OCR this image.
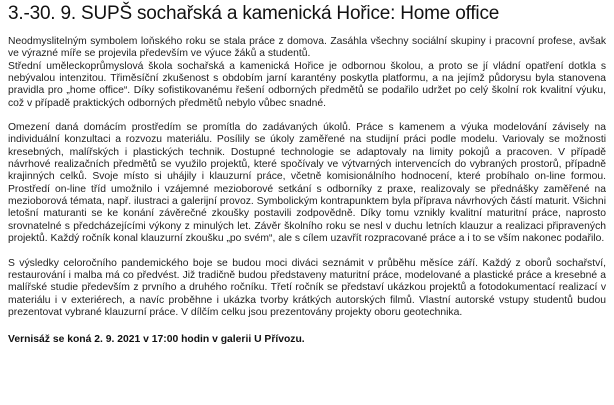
3.-30. 9. SUPŠ sochařská a kamenická Hořice: Home office

Neodmyslitelným symbolem loňského roku se stala práce z domova. Zasáhla všechny sociální skupiny i pracovní profese, avšak ve výrazné míře se projevila především ve výuce žáků a studentů.

Střední uměleckoprůmyslová škola sochařská a kamenická Hořice je odbornou školou, a proto se jí vládní opatření dotkla s nebývalou intenzitou. Třiměsíční zkušenost s obdobím jarní karantény poskytla platformu, a na jejímž půdorysu byla stanovena pravidla pro „home office“. Díky sofistikovanému řešení odborných předmětů se podařilo udržet po celý školní rok kvalitní výuku, což v případě praktických odborných předmětů nebylo vůbec snadné.

Omezení daná domácím prostředím se promítla do zadávaných úkolů. Práce s kamenem a výuka modelování závisely na individuální konzultaci a rozvozu materiálu. Posílily se úkoly zaměřené na studijní práci podle modelu. Variovaly se možnosti kresebných, malířských i plastických technik. Dostupné technologie se adaptovaly na limity pokojů a pracoven. V případě návrhové realizačních předmětů se využilo projektů, které spočívaly ve výtvarných intervencích do vybraných prostorů, případně krajinných celků. Svoje místo si uhájily i klauzurní práce, včetně komisionálního hodnocení, které probíhalo on-line formou. Prostředí on-line tříd umožnilo i vzájemné mezioborové setkání s odborníky z praxe, realizovaly se přednášky zaměřené na mezioborová témata, např. ilustraci a galerijní provoz. Symbolickým kontrapunktem byla příprava návrhových částí maturit. Všichni letošní maturanti se ke konání závěrečné zkoušky postavili zodpovědně. Díky tomu vznikly kvalitní maturitní práce, naprosto srovnatelné s předcházejícími výkony z minulých let. Závěr školního roku se nesl v duchu letních klauzur a realizaci připravených projektů. Každý ročník konal klauzurní zkoušku „po svém“, ale s cílem uzavřít rozpracované práce a i to se vším nakonec podařilo.

S výsledky celoročního pandemického boje se budou moci diváci seznámit v průběhu měsíce září. Každý z oborů sochařství, restaurování i malba má co předvést. Již tradičně budou představeny maturitní práce, modelované a plastické práce a kresebné a malířské studie především z prvního a druhého ročníku. Třetí ročník se představí ukázkou projektů a fotodokumentací realizací v materiálu i v exteriérech, a navíc proběhne i ukázka tvorby krátkých autorských filmů. Vlastní autorské vstupy studentů budou prezentovat vybrané klauzurní práce. V dílčím celku jsou prezentovány projekty oboru geotechnika.

Vernisáž se koná 2. 9. 2021 v 17:00 hodin v galerii U Přívozu.
